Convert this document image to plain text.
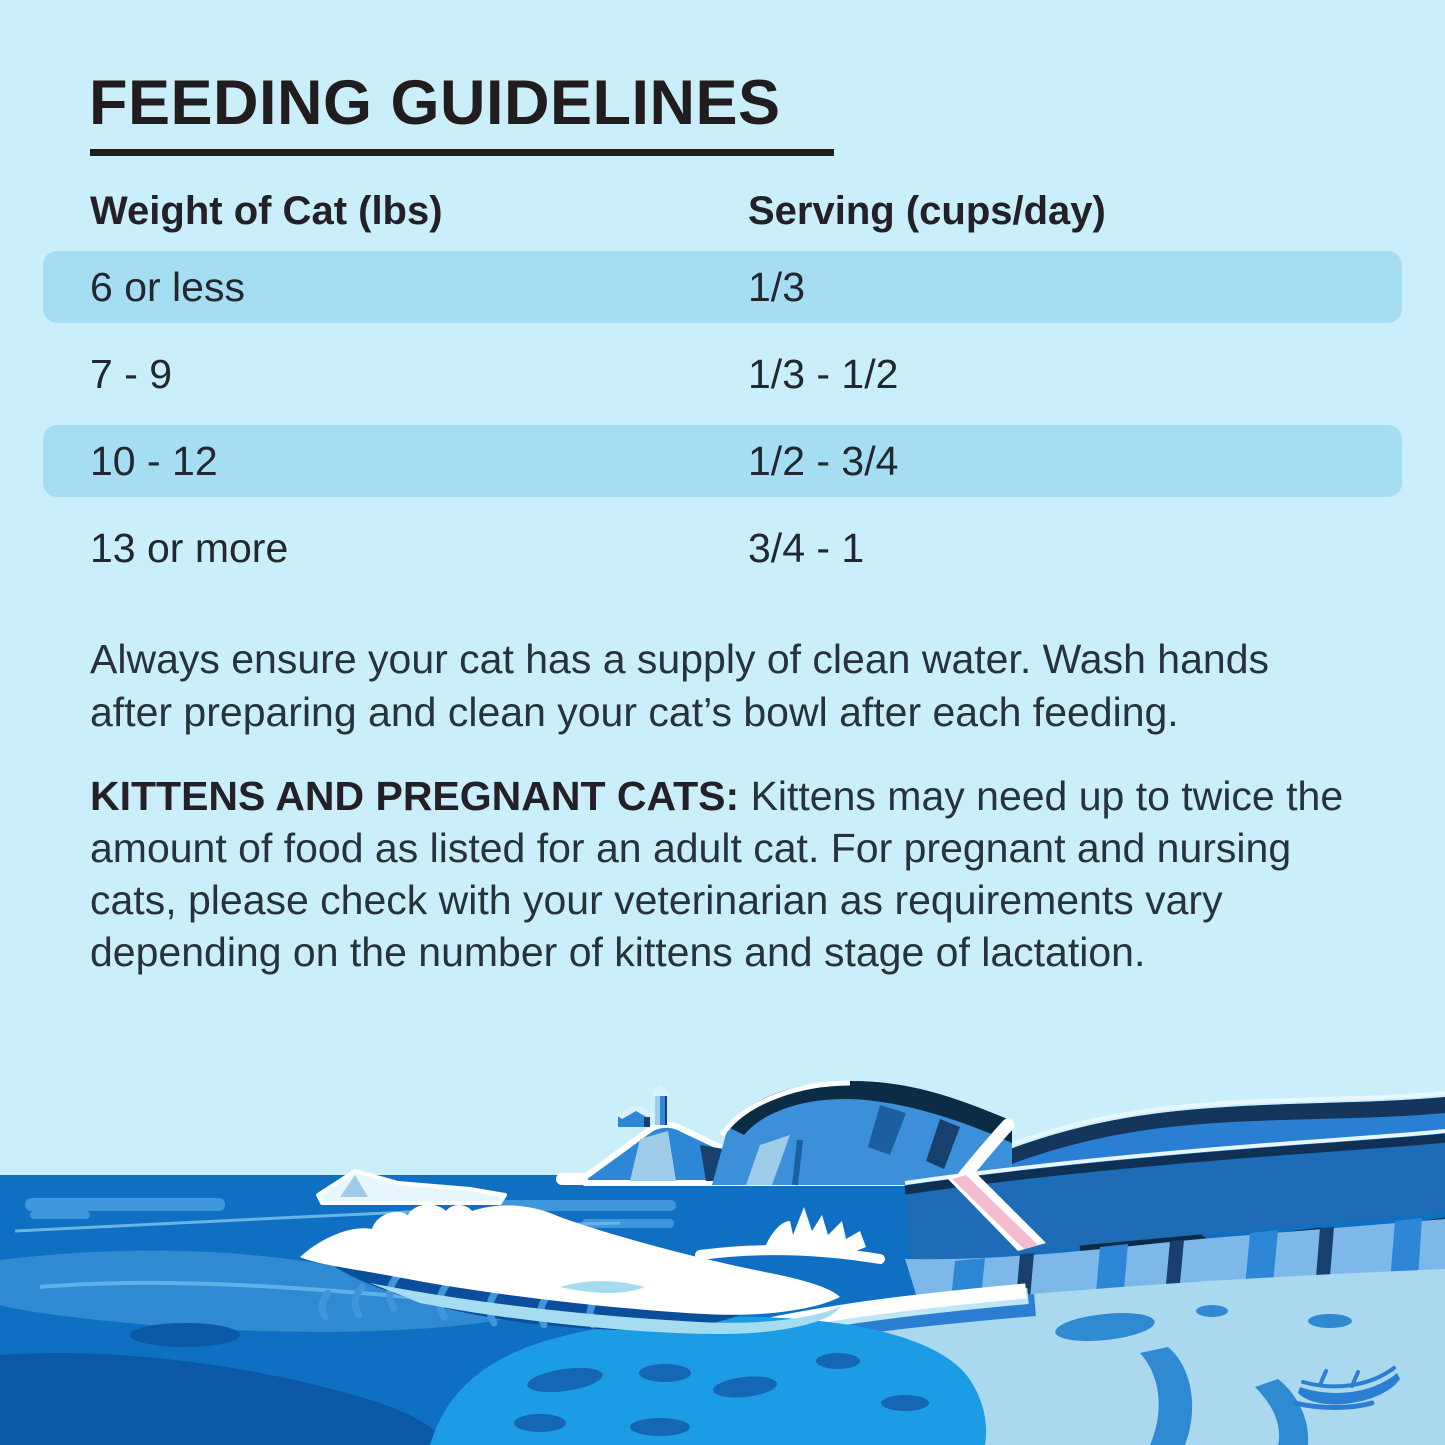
FEEDING GUIDELINES
Weight of Cat (lbs)	Serving (cups/day)
6 or less	1/3
7 - 9	1/3 - 1/2
10 - 12	1/2 - 3/4
13 or more	3/4 - 1

Always ensure your cat has a supply of clean water. Wash hands after preparing and clean your cat’s bowl after each feeding.

KITTENS AND PREGNANT CATS: Kittens may need up to twice the amount of food as listed for an adult cat. For pregnant and nursing cats, please check with your veterinarian as requirements vary depending on the number of kittens and stage of lactation.
